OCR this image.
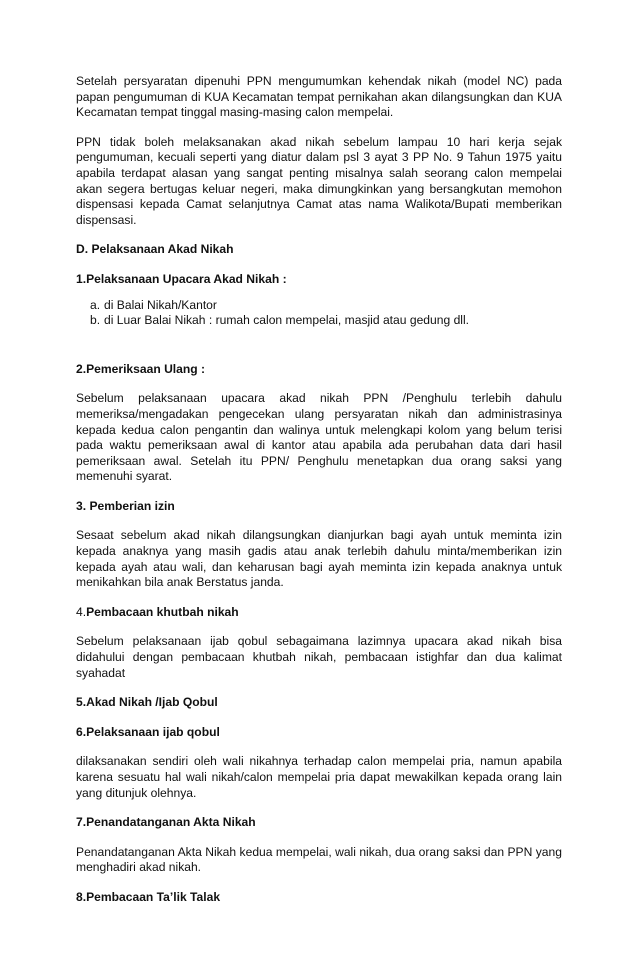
Setelah persyaratan dipenuhi PPN mengumumkan kehendak nikah (model NC) pada papan pengumuman di KUA Kecamatan tempat pernikahan akan dilangsungkan dan KUA Kecamatan tempat tinggal masing-masing calon mempelai.

PPN tidak boleh melaksanakan akad nikah sebelum lampau 10 hari kerja sejak pengumuman, kecuali seperti yang diatur dalam psl 3 ayat 3 PP No. 9 Tahun 1975 yaitu apabila terdapat alasan yang sangat penting misalnya salah seorang calon mempelai akan segera bertugas keluar negeri, maka dimungkinkan yang bersangkutan memohon dispensasi kepada Camat selanjutnya Camat atas nama Walikota/Bupati memberikan dispensasi.

D. Pelaksanaan Akad Nikah

1.Pelaksanaan Upacara Akad Nikah :

a. di Balai Nikah/Kantor
b. di Luar Balai Nikah : rumah calon mempelai, masjid atau gedung dll.

2.Pemeriksaan Ulang :

Sebelum pelaksanaan upacara akad nikah PPN /Penghulu terlebih dahulu memeriksa/mengadakan pengecekan ulang persyaratan nikah dan administrasinya kepada kedua calon pengantin dan walinya untuk melengkapi kolom yang belum terisi pada waktu pemeriksaan awal di kantor atau apabila ada perubahan data dari hasil pemeriksaan awal. Setelah itu PPN/ Penghulu menetapkan dua orang saksi yang memenuhi syarat.

3. Pemberian izin

Sesaat sebelum akad nikah dilangsungkan dianjurkan bagi ayah untuk meminta izin kepada anaknya yang masih gadis atau anak terlebih dahulu minta/memberikan izin kepada ayah atau wali, dan keharusan bagi ayah meminta izin kepada anaknya untuk menikahkan bila anak Berstatus janda.

4.Pembacaan khutbah nikah

Sebelum pelaksanaan ijab qobul sebagaimana lazimnya upacara akad nikah bisa didahului dengan pembacaan khutbah nikah, pembacaan istighfar dan dua kalimat syahadat

5.Akad Nikah /Ijab Qobul

6.Pelaksanaan ijab qobul

dilaksanakan sendiri oleh wali nikahnya terhadap calon mempelai pria, namun apabila karena sesuatu hal wali nikah/calon mempelai pria dapat mewakilkan kepada orang lain yang ditunjuk olehnya.

7.Penandatanganan Akta Nikah

Penandatanganan Akta Nikah kedua mempelai, wali nikah, dua orang saksi dan PPN yang menghadiri akad nikah.

8.Pembacaan Ta’lik Talak
